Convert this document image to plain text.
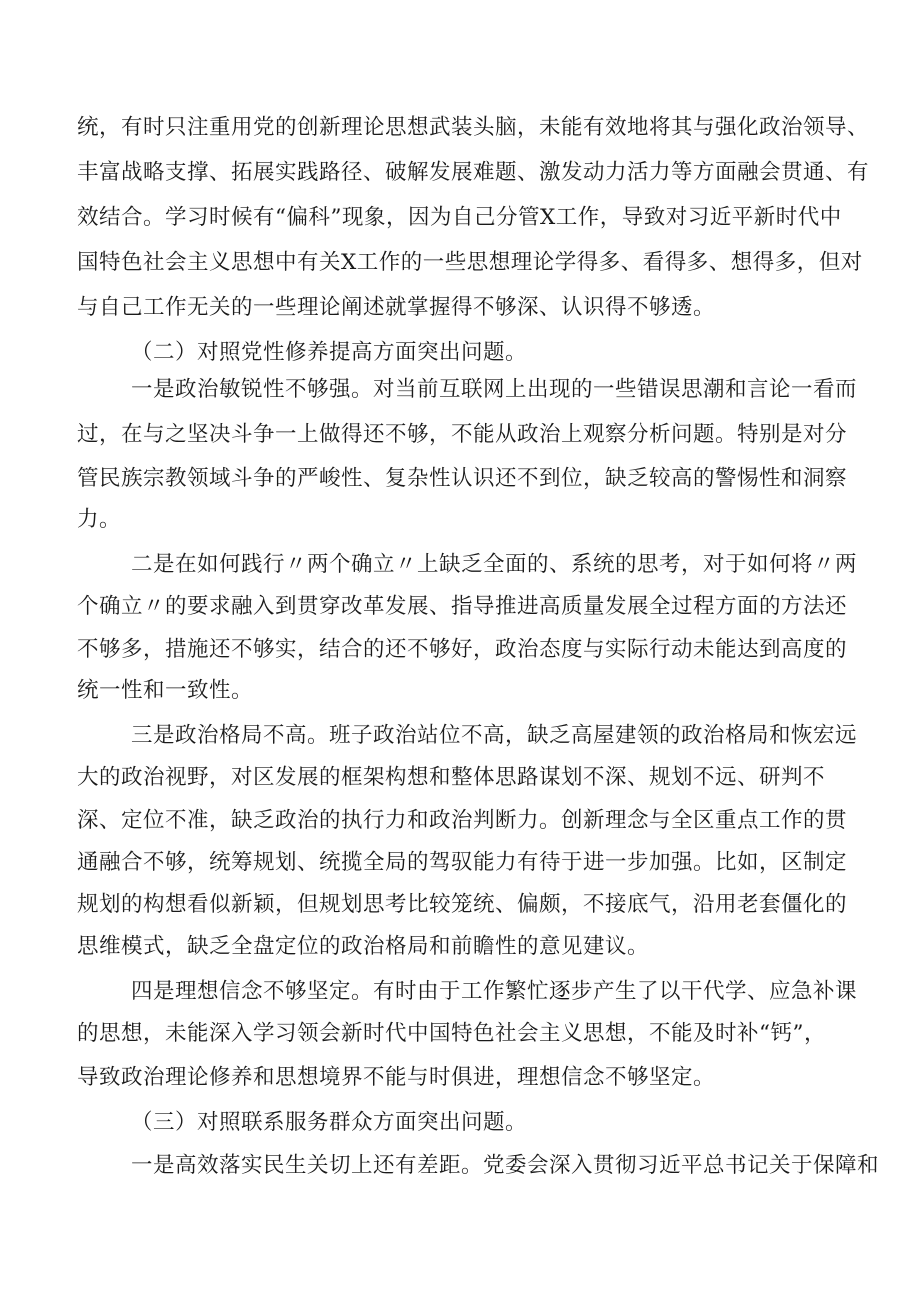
统，有时只注重用党的创新理论思想武装头脑，未能有效地将其与强化政治领导、
丰富战略支撑、拓展实践路径、破解发展难题、激发动力活力等方面融会贯通、有
效结合。学习时候有“偏科”现象，因为自己分管X工作，导致对习近平新时代中
国特色社会主义思想中有关X工作的一些思想理论学得多、看得多、想得多，但对
与自己工作无关的一些理论阐述就掌握得不够深、认识得不够透。
（二）对照党性修养提高方面突出问题。
一是政治敏锐性不够强。对当前互联网上出现的一些错误思潮和言论一看而
过，在与之坚决斗争一上做得还不够，不能从政治上观察分析问题。特别是对分
管民族宗教领域斗争的严峻性、复杂性认识还不到位，缺乏较高的警惕性和洞察
力。
二是在如何践行〃两个确立〃上缺乏全面的、系统的思考，对于如何将〃两
个确立〃的要求融入到贯穿改革发展、指导推进高质量发展全过程方面的方法还
不够多，措施还不够实，结合的还不够好，政治态度与实际行动未能达到高度的
统一性和一致性。
三是政治格局不高。班子政治站位不高，缺乏高屋建领的政治格局和恢宏远
大的政治视野，对区发展的框架构想和整体思路谋划不深、规划不远、研判不
深、定位不准，缺乏政治的执行力和政治判断力。创新理念与全区重点工作的贯
通融合不够，统筹规划、统揽全局的驾驭能力有待于进一步加强。比如，区制定
规划的构想看似新颖，但规划思考比较笼统、偏颇，不接底气，沿用老套僵化的
思维模式，缺乏全盘定位的政治格局和前瞻性的意见建议。
四是理想信念不够坚定。有时由于工作繁忙逐步产生了以干代学、应急补课
的思想，未能深入学习领会新时代中国特色社会主义思想，不能及时补“钙”，
导致政治理论修养和思想境界不能与时俱进，理想信念不够坚定。
（三）对照联系服务群众方面突出问题。
一是高效落实民生关切上还有差距。党委会深入贯彻习近平总书记关于保障和
